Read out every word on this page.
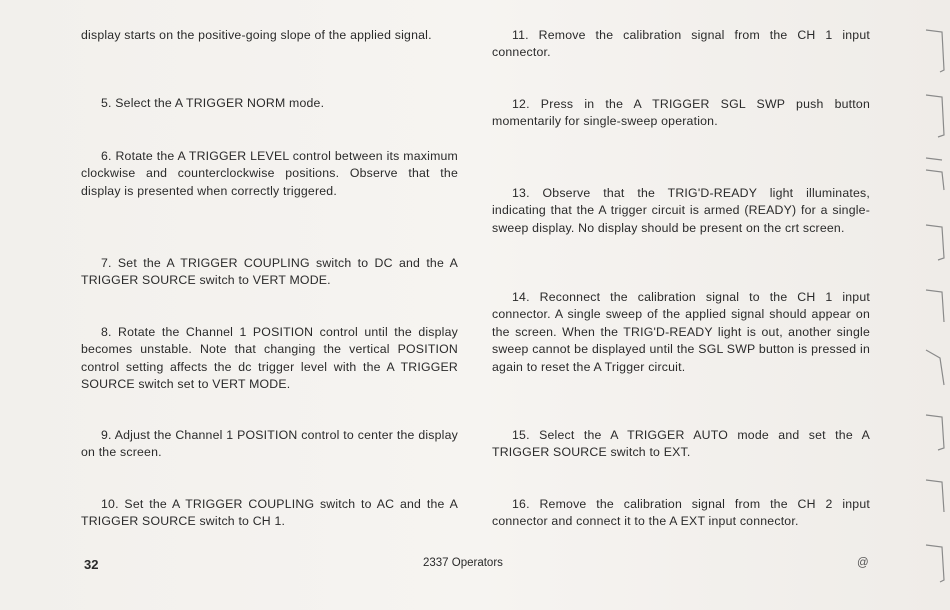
display starts on the positive-going slope of the applied signal.

5. Select the A TRIGGER NORM mode.

6. Rotate the A TRIGGER LEVEL control between its maximum clockwise and counterclockwise positions. Observe that the display is presented when correctly triggered.

7. Set the A TRIGGER COUPLING switch to DC and the A TRIGGER SOURCE switch to VERT MODE.

8. Rotate the Channel 1 POSITION control until the display becomes unstable. Note that changing the vertical POSITION control setting affects the dc trigger level with the A TRIGGER SOURCE switch set to VERT MODE.

9. Adjust the Channel 1 POSITION control to center the display on the screen.

10. Set the A TRIGGER COUPLING switch to AC and the A TRIGGER SOURCE switch to CH 1.

11. Remove the calibration signal from the CH 1 input connector.

12. Press in the A TRIGGER SGL SWP push button momentarily for single-sweep operation.

13. Observe that the TRIG'D-READY light illuminates, indicating that the A trigger circuit is armed (READY) for a single-sweep display. No display should be present on the crt screen.

14. Reconnect the calibration signal to the CH 1 input connector. A single sweep of the applied signal should appear on the screen. When the TRIG'D-READY light is out, another single sweep cannot be displayed until the SGL SWP button is pressed in again to reset the A Trigger circuit.

15. Select the A TRIGGER AUTO mode and set the A TRIGGER SOURCE switch to EXT.

16. Remove the calibration signal from the CH 2 input connector and connect it to the A EXT input connector.

32	2337 Operators	@
